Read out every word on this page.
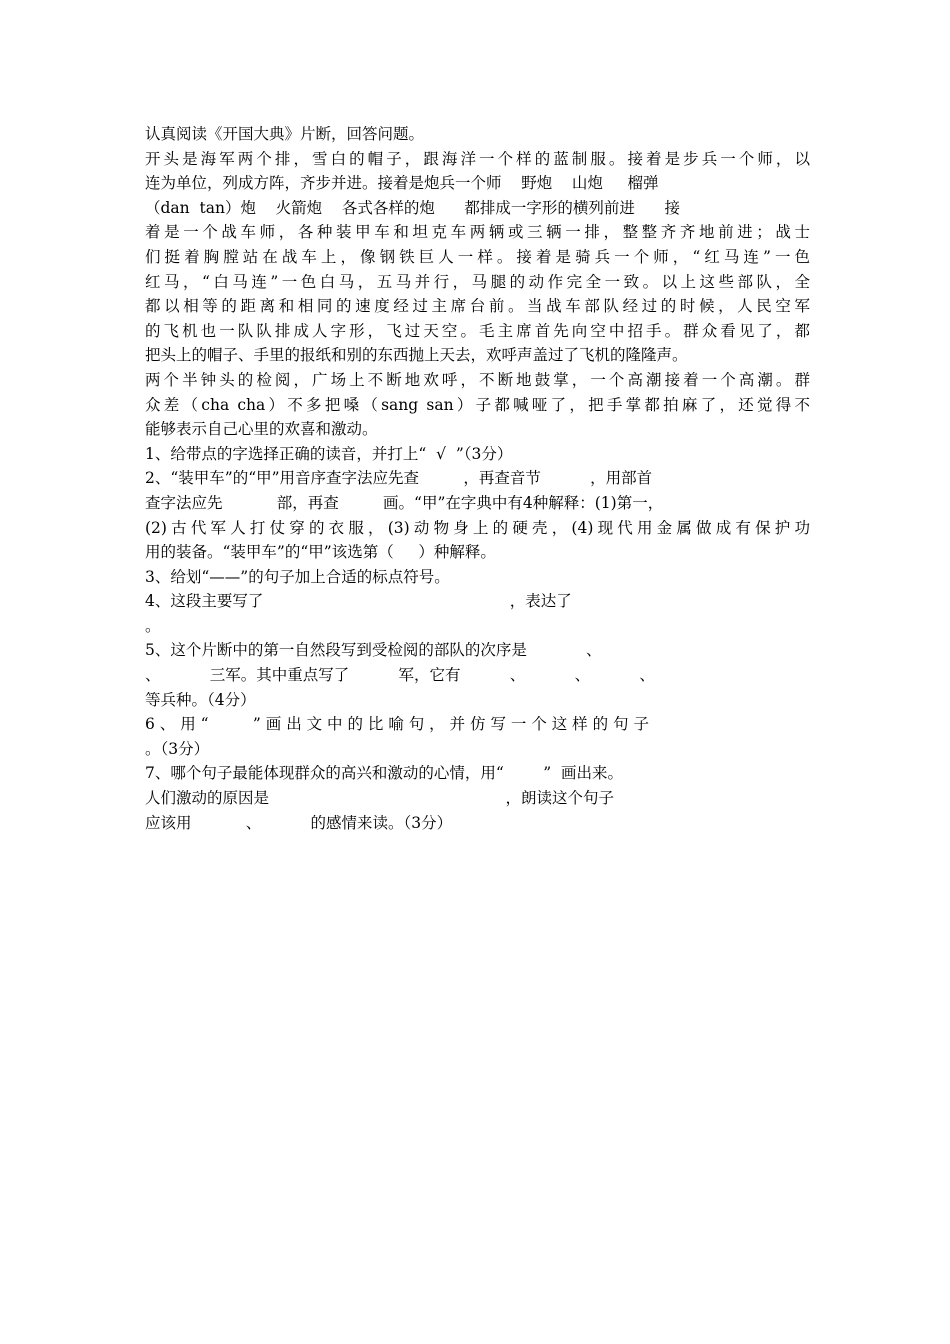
认真阅读《开国大典》片断，回答问题。
开头是海军两个排，雪白的帽子，跟海洋一个样的蓝制服。接着是步兵一个师，以
连为单位，列成方阵，齐步并进。接着是炮兵一个师    野炮    山炮     榴弹
（dan  tan）炮    火箭炮    各式各样的炮      都排成一字形的横列前进      接
着是一个战车师，各种装甲车和坦克车两辆或三辆一排，整整齐齐地前进；战士
们挺着胸膛站在战车上，像钢铁巨人一样。接着是骑兵一个师，“红马连”一色
红马，“白马连”一色白马，五马并行，马腿的动作完全一致。以上这些部队，全
都以相等的距离和相同的速度经过主席台前。当战车部队经过的时候，人民空军
的飞机也一队队排成人字形，飞过天空。毛主席首先向空中招手。群众看见了，都
把头上的帽子、手里的报纸和别的东西抛上天去，欢呼声盖过了飞机的隆隆声。
两个半钟头的检阅，广场上不断地欢呼，不断地鼓掌，一个高潮接着一个高潮。群
众差（cha cha）不多把嗓（sang san）子都喊哑了，把手掌都拍麻了，还觉得不
能够表示自己心里的欢喜和激动。
1、给带点的字选择正确的读音，并打上“  √  ”（3分）
2、“装甲车”的“甲”用音序查字法应先查         ，再查音节          ，用部首
查字法应先           部，再查         画。“甲”在字典中有4种解释：(1)第一，
(2)古代军人打仗穿的衣服，(3)动物身上的硬壳，(4)现代用金属做成有保护功
用的装备。“装甲车”的“甲”该选第（     ）种解释。
3、给划“——”的句子加上合适的标点符号。
4、这段主要写了                                                  ，表达了
。
5、这个片断中的第一自然段写到受检阅的部队的次序是            、
、          三军。其中重点写了          军，它有          、          、          、
等兵种。（4分）
6 、 用 “         ” 画 出 文 中 的 比 喻 句 ， 并 仿 写 一 个 这 样 的 句 子
。（3分）
7、哪个句子最能体现群众的高兴和激动的心情，用“        ”  画出来。
人们激动的原因是                                                ，朗读这个句子
应该用           、          的感情来读。（3分）
